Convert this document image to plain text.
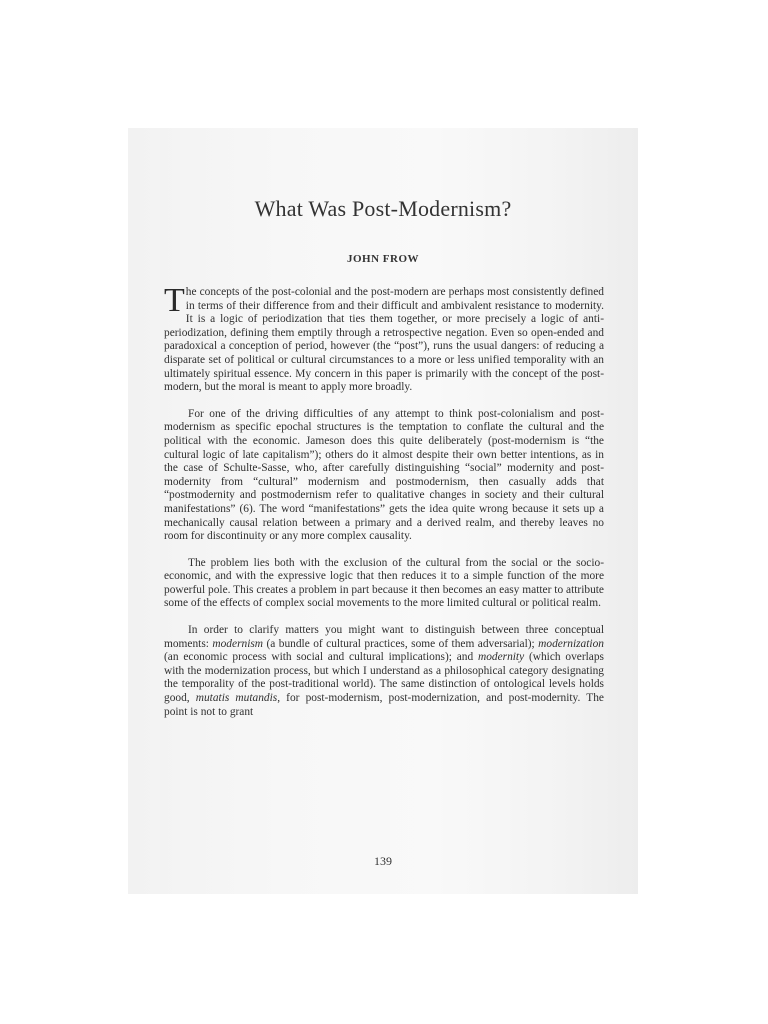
What Was Post-Modernism?
JOHN FROW

The concepts of the post-colonial and the post-modern are perhaps most consistently defined in terms of their difference from and their difficult and ambivalent resistance to modernity. It is a logic of periodization that ties them together, or more precisely a logic of anti-periodization, defining them emptily through a retrospective negation. Even so open-ended and paradoxical a conception of period, however (the “post”), runs the usual dangers: of reducing a disparate set of political or cultural circumstances to a more or less unified temporality with an ultimately spiritual essence. My concern in this paper is primarily with the concept of the post-modern, but the moral is meant to apply more broadly.

For one of the driving difficulties of any attempt to think post-colonialism and post-modernism as specific epochal structures is the temptation to conflate the cultural and the political with the economic. Jameson does this quite deliberately (post-modernism is “the cultural logic of late capitalism”); others do it almost despite their own better intentions, as in the case of Schulte-Sasse, who, after carefully distinguishing “social” modernity and post-modernity from “cultural” modernism and postmodernism, then casually adds that “postmodernity and postmodernism refer to qualitative changes in society and their cultural manifestations” (6). The word “manifestations” gets the idea quite wrong because it sets up a mechanically causal relation between a primary and a derived realm, and thereby leaves no room for discontinuity or any more complex causality.

The problem lies both with the exclusion of the cultural from the social or the socio-economic, and with the expressive logic that then reduces it to a simple function of the more powerful pole. This creates a problem in part because it then becomes an easy matter to attribute some of the effects of complex social movements to the more limited cultural or political realm.

In order to clarify matters you might want to distinguish between three conceptual moments: modernism (a bundle of cultural practices, some of them adversarial); modernization (an economic process with social and cultural implications); and modernity (which overlaps with the modernization process, but which I understand as a philosophical category designating the temporality of the post-traditional world). The same distinction of ontological levels holds good, mutatis mutandis, for post-modernism, post-modernization, and post-modernity. The point is not to grant

139
